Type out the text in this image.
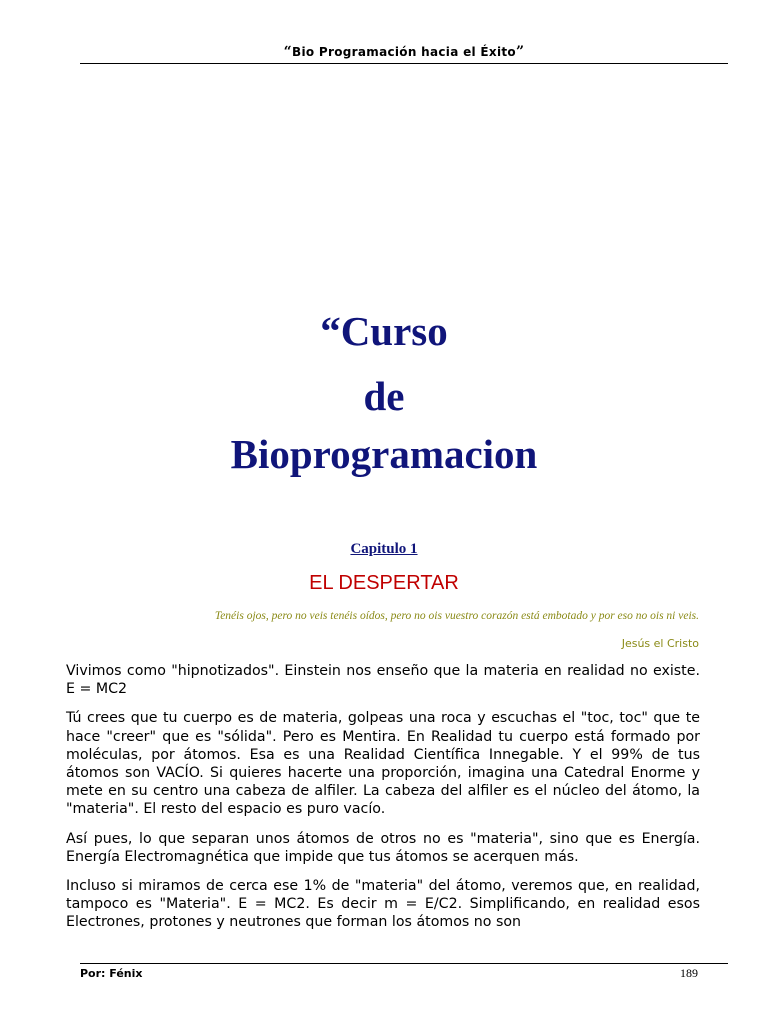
“Bio Programación hacia el Éxito”
“Curso
de
Bioprogramacion
Capitulo 1
EL DESPERTAR
Tenéis ojos, pero no veis tenéis oídos, pero no ois vuestro corazón está embotado y por eso no ois ni veis.
Jesús el Cristo

Vivimos como "hipnotizados". Einstein nos enseño que la materia en realidad no existe. E = MC2

Tú crees que tu cuerpo es de materia, golpeas una roca y escuchas el "toc, toc" que te hace "creer" que es "sólida". Pero es Mentira. En Realidad tu cuerpo está formado por moléculas, por átomos. Esa es una Realidad Científica Innegable. Y el 99% de tus átomos son VACÍO. Si quieres hacerte una proporción, imagina una Catedral Enorme y mete en su centro una cabeza de alfiler. La cabeza del alfiler es el núcleo del átomo, la "materia". El resto del espacio es puro vacío.

Así pues, lo que separan unos átomos de otros no es "materia", sino que es Energía. Energía Electromagnética que impide que tus átomos se acerquen más.

Incluso si miramos de cerca ese 1% de "materia" del átomo, veremos que, en realidad, tampoco es "Materia". E = MC2. Es decir m = E/C2. Simplificando, en realidad esos Electrones, protones y neutrones que forman los átomos no son

Por: Fénix	189
